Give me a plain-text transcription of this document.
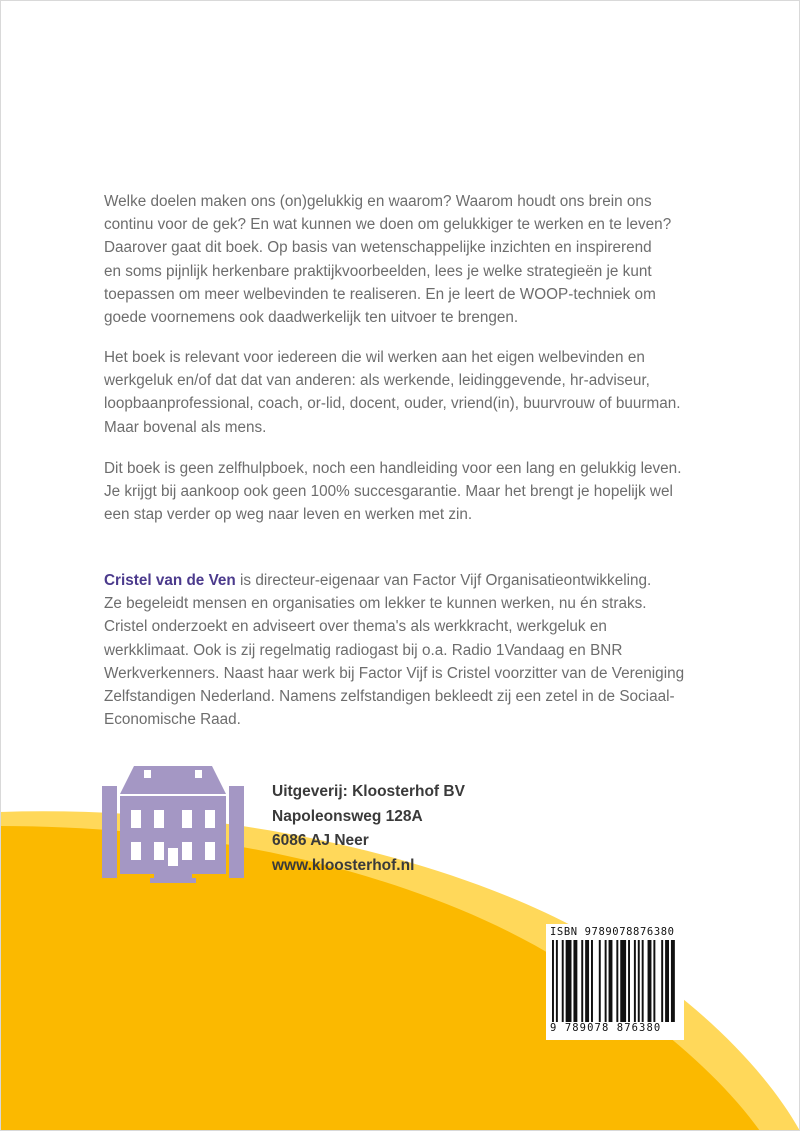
Welke doelen maken ons (on)gelukkig en waarom? Waarom houdt ons brein ons

continu voor de gek? En wat kunnen we doen om gelukkiger te werken en te leven?

Daarover gaat dit boek. Op basis van wetenschappelijke inzichten en inspirerend

en soms pijnlijk herkenbare praktijkvoorbeelden, lees je welke strategieën je kunt

toepassen om meer welbevinden te realiseren. En je leert de WOOP-techniek om

goede voornemens ook daadwerkelijk ten uitvoer te brengen.

Het boek is relevant voor iedereen die wil werken aan het eigen welbevinden en

werkgeluk en/of dat dat van anderen: als werkende, leidinggevende, hr-adviseur,

loopbaanprofessional, coach, or-lid, docent, ouder, vriend(in), buurvrouw of buurman.

Maar bovenal als mens.

Dit boek is geen zelfhulpboek, noch een handleiding voor een lang en gelukkig leven.

Je krijgt bij aankoop ook geen 100% succesgarantie. Maar het brengt je hopelijk wel

een stap verder op weg naar leven en werken met zin.

Cristel van de Ven is directeur-eigenaar van Factor Vijf Organisatieontwikkeling.

Ze begeleidt mensen en organisaties om lekker te kunnen werken, nu én straks.

Cristel onderzoekt en adviseert over thema's als werkkracht, werkgeluk en

werkklimaat. Ook is zij regelmatig radiogast bij o.a. Radio 1Vandaag en BNR

Werkverkenners. Naast haar werk bij Factor Vijf is Cristel voorzitter van de Vereniging

Zelfstandigen Nederland. Namens zelfstandigen bekleedt zij een zetel in de Sociaal-

Economische Raad.

Uitgeverij: Kloosterhof BV
Napoleonsweg 128A
6086 AJ Neer
www.kloosterhof.nl
ISBN 9789078876380
9 789078 876380
